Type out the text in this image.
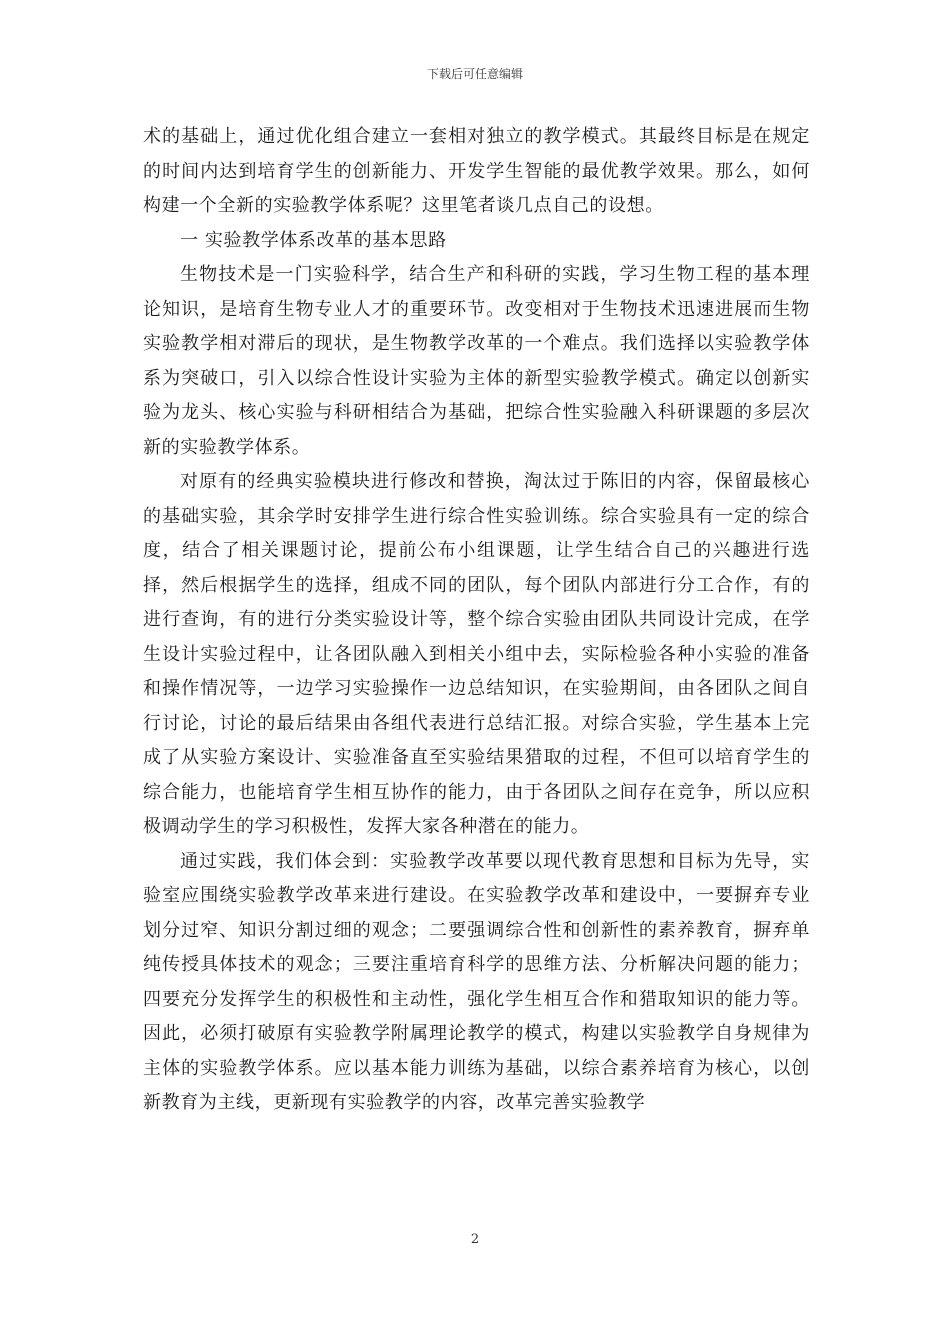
下载后可任意编辑

术的基础上，通过优化组合建立一套相对独立的教学模式。其最终目标是在规定的时间内达到培育学生的创新能力、开发学生智能的最优教学效果。那么，如何构建一个全新的实验教学体系呢？这里笔者谈几点自己的设想。

一 实验教学体系改革的基本思路

生物技术是一门实验科学，结合生产和科研的实践，学习生物工程的基本理论知识，是培育生物专业人才的重要环节。改变相对于生物技术迅速进展而生物实验教学相对滞后的现状，是生物教学改革的一个难点。我们选择以实验教学体系为突破口，引入以综合性设计实验为主体的新型实验教学模式。确定以创新实验为龙头、核心实验与科研相结合为基础，把综合性实验融入科研课题的多层次新的实验教学体系。

对原有的经典实验模块进行修改和替换，淘汰过于陈旧的内容，保留最核心的基础实验，其余学时安排学生进行综合性实验训练。综合实验具有一定的综合度，结合了相关课题讨论，提前公布小组课题，让学生结合自己的兴趣进行选择，然后根据学生的选择，组成不同的团队，每个团队内部进行分工合作，有的进行查询，有的进行分类实验设计等，整个综合实验由团队共同设计完成，在学生设计实验过程中，让各团队融入到相关小组中去，实际检验各种小实验的准备和操作情况等，一边学习实验操作一边总结知识，在实验期间，由各团队之间自行讨论，讨论的最后结果由各组代表进行总结汇报。对综合实验，学生基本上完成了从实验方案设计、实验准备直至实验结果猎取的过程，不但可以培育学生的综合能力，也能培育学生相互协作的能力，由于各团队之间存在竞争，所以应积极调动学生的学习积极性，发挥大家各种潜在的能力。

通过实践，我们体会到：实验教学改革要以现代教育思想和目标为先导，实验室应围绕实验教学改革来进行建设。在实验教学改革和建设中，一要摒弃专业划分过窄、知识分割过细的观念；二要强调综合性和创新性的素养教育，摒弃单纯传授具体技术的观念；三要注重培育科学的思维方法、分析解决问题的能力；四要充分发挥学生的积极性和主动性，强化学生相互合作和猎取知识的能力等。因此，必须打破原有实验教学附属理论教学的模式，构建以实验教学自身规律为主体的实验教学体系。应以基本能力训练为基础，以综合素养培育为核心，以创新教育为主线，更新现有实验教学的内容，改革完善实验教学

2
